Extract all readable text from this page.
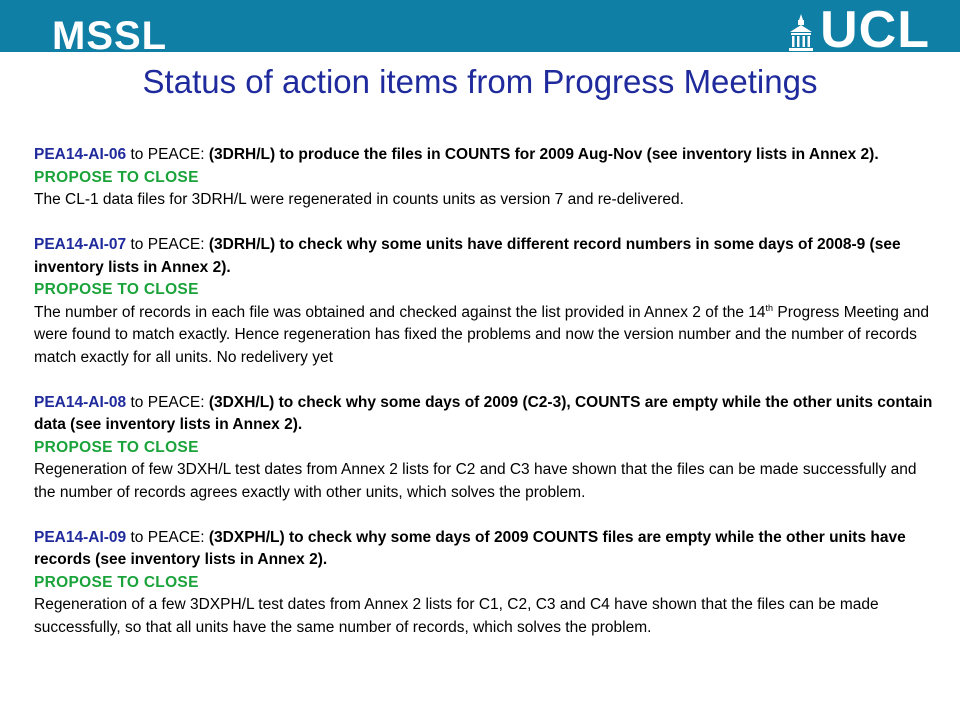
MSSL	UCL
Status of action items from Progress Meetings
PEA14-AI-06 to PEACE: (3DRH/L) to produce the files in COUNTS for 2009 Aug-Nov (see inventory lists in Annex 2).
PROPOSE TO CLOSE
The CL-1 data files for 3DRH/L were regenerated in counts units as version 7 and re-delivered.
PEA14-AI-07 to PEACE: (3DRH/L) to check why some units have different record numbers in some days of 2008-9 (see inventory lists in Annex 2).
PROPOSE TO CLOSE
The number of records in each file was obtained and checked against the list provided in Annex 2 of the 14th Progress Meeting and were found to match exactly. Hence regeneration has fixed the problems and now the version number and the number of records match exactly for all units. No redelivery yet
PEA14-AI-08 to PEACE: (3DXH/L) to check why some days of 2009 (C2-3), COUNTS are empty while the other units contain data (see inventory lists in Annex 2).
PROPOSE TO CLOSE
Regeneration of few 3DXH/L test dates from Annex 2 lists for C2 and C3 have shown that the files can be made successfully and the number of records agrees exactly with other units, which solves the problem.
PEA14-AI-09 to PEACE: (3DXPH/L) to check why some days of 2009 COUNTS files are empty while the other units have records (see inventory lists in Annex 2).
PROPOSE TO CLOSE
Regeneration of a few 3DXPH/L test dates from Annex 2 lists for C1, C2, C3 and C4 have shown that the files can be made successfully, so that all units have the same number of records, which solves the problem.
